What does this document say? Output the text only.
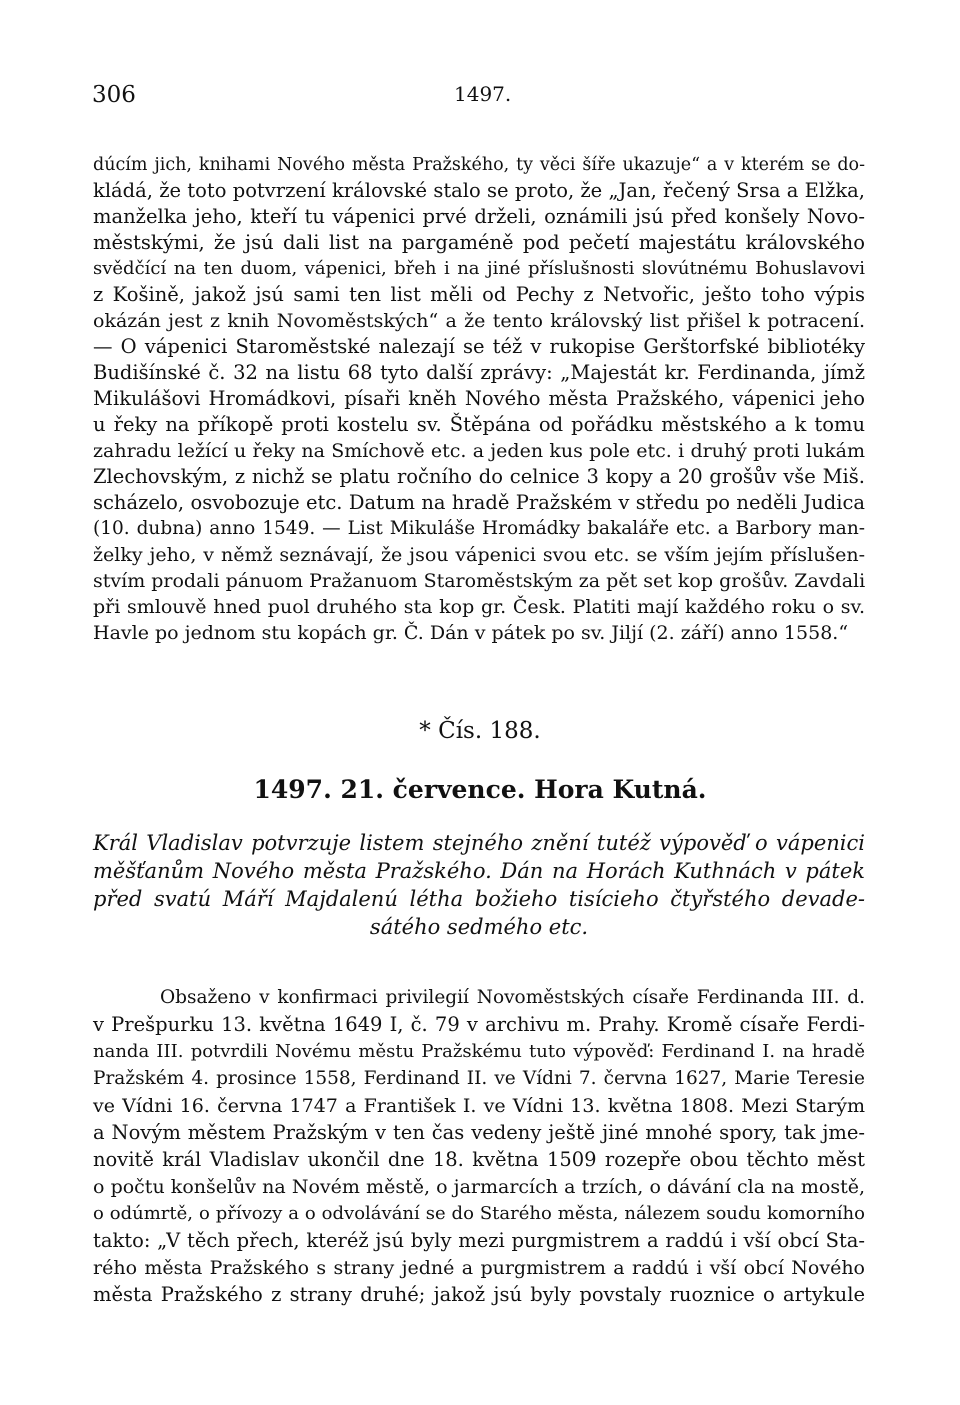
306	1497.
dúcím jich, knihami Nového města Pražského, ty věci šíře ukazuje“ a v kterém se do-
kládá, že toto potvrzení královské stalo se proto, že „Jan, řečený Srsa a Elžka,
manželka jeho, kteří tu vápenici prvé drželi, oznámili jsú před konšely Novo-
městskými, že jsú dali list na pargaméně pod pečetí majestátu královského
svědčící na ten duom, vápenici, břeh i na jiné příslušnosti slovútnému Bohuslavovi
z Košině, jakož jsú sami ten list měli od Pechy z Netvořic, ješto toho výpis
okázán jest z knih Novoměstských“ a že tento královský list přišel k potracení.
— O vápenici Staroměstské nalezají se též v rukopise Gerštorfské bibliotéky
Budišínské č. 32 na listu 68 tyto další zprávy: „Majestát kr. Ferdinanda, jímž
Mikulášovi Hromádkovi, písaři kněh Nového města Pražského, vápenici jeho
u řeky na příkopě proti kostelu sv. Štěpána od pořádku městského a k tomu
zahradu ležící u řeky na Smíchově etc. a jeden kus pole etc. i druhý proti lukám
Zlechovským, z nichž se platu ročního do celnice 3 kopy a 20 grošův vše Miš.
scházelo, osvobozuje etc. Datum na hradě Pražském v středu po neděli Judica
(10. dubna) anno 1549. — List Mikuláše Hromádky bakaláře etc. a Barbory man-
želky jeho, v němž seznávají, že jsou vápenici svou etc. se vším jejím příslušen-
stvím prodali pánuom Pražanuom Staroměstským za pět set kop grošův. Zavdali
při smlouvě hned puol druhého sta kop gr. Česk. Platiti mají každého roku o sv.
Havle po jednom stu kopách gr. Č. Dán v pátek po sv. Jiljí (2. září) anno 1558.“
* Čís. 188.
1497. 21. července. Hora Kutná.
Král Vladislav potvrzuje listem stejného znění tutéž výpověď o vápenici
měšťanům Nového města Pražského. Dán na Horách Kuthnách v pátek
před svatú Máří Majdalenú létha božieho tisícieho čtyřstého devade-
sátého sedmého etc.
Obsaženo v konfirmaci privilegií Novoměstských císaře Ferdinanda III. d.
v Prešpurku 13. května 1649 I, č. 79 v archivu m. Prahy. Kromě císaře Ferdi-
nanda III. potvrdili Novému městu Pražskému tuto výpověď: Ferdinand I. na hradě
Pražském 4. prosince 1558, Ferdinand II. ve Vídni 7. června 1627, Marie Teresie
ve Vídni 16. června 1747 a František I. ve Vídni 13. května 1808. Mezi Starým
a Novým městem Pražským v ten čas vedeny ještě jiné mnohé spory, tak jme-
novitě král Vladislav ukončil dne 18. května 1509 rozepře obou těchto měst
o počtu konšelův na Novém městě, o jarmarcích a trzích, o dávání cla na mostě,
o odúmrtě, o přívozy a o odvolávání se do Starého města, nálezem soudu komorního
takto: „V těch přech, kteréž jsú byly mezi purgmistrem a raddú i vší obcí Sta-
rého města Pražského s strany jedné a purgmistrem a raddú i vší obcí Nového
města Pražského z strany druhé; jakož jsú byly povstaly ruoznice o artykule
